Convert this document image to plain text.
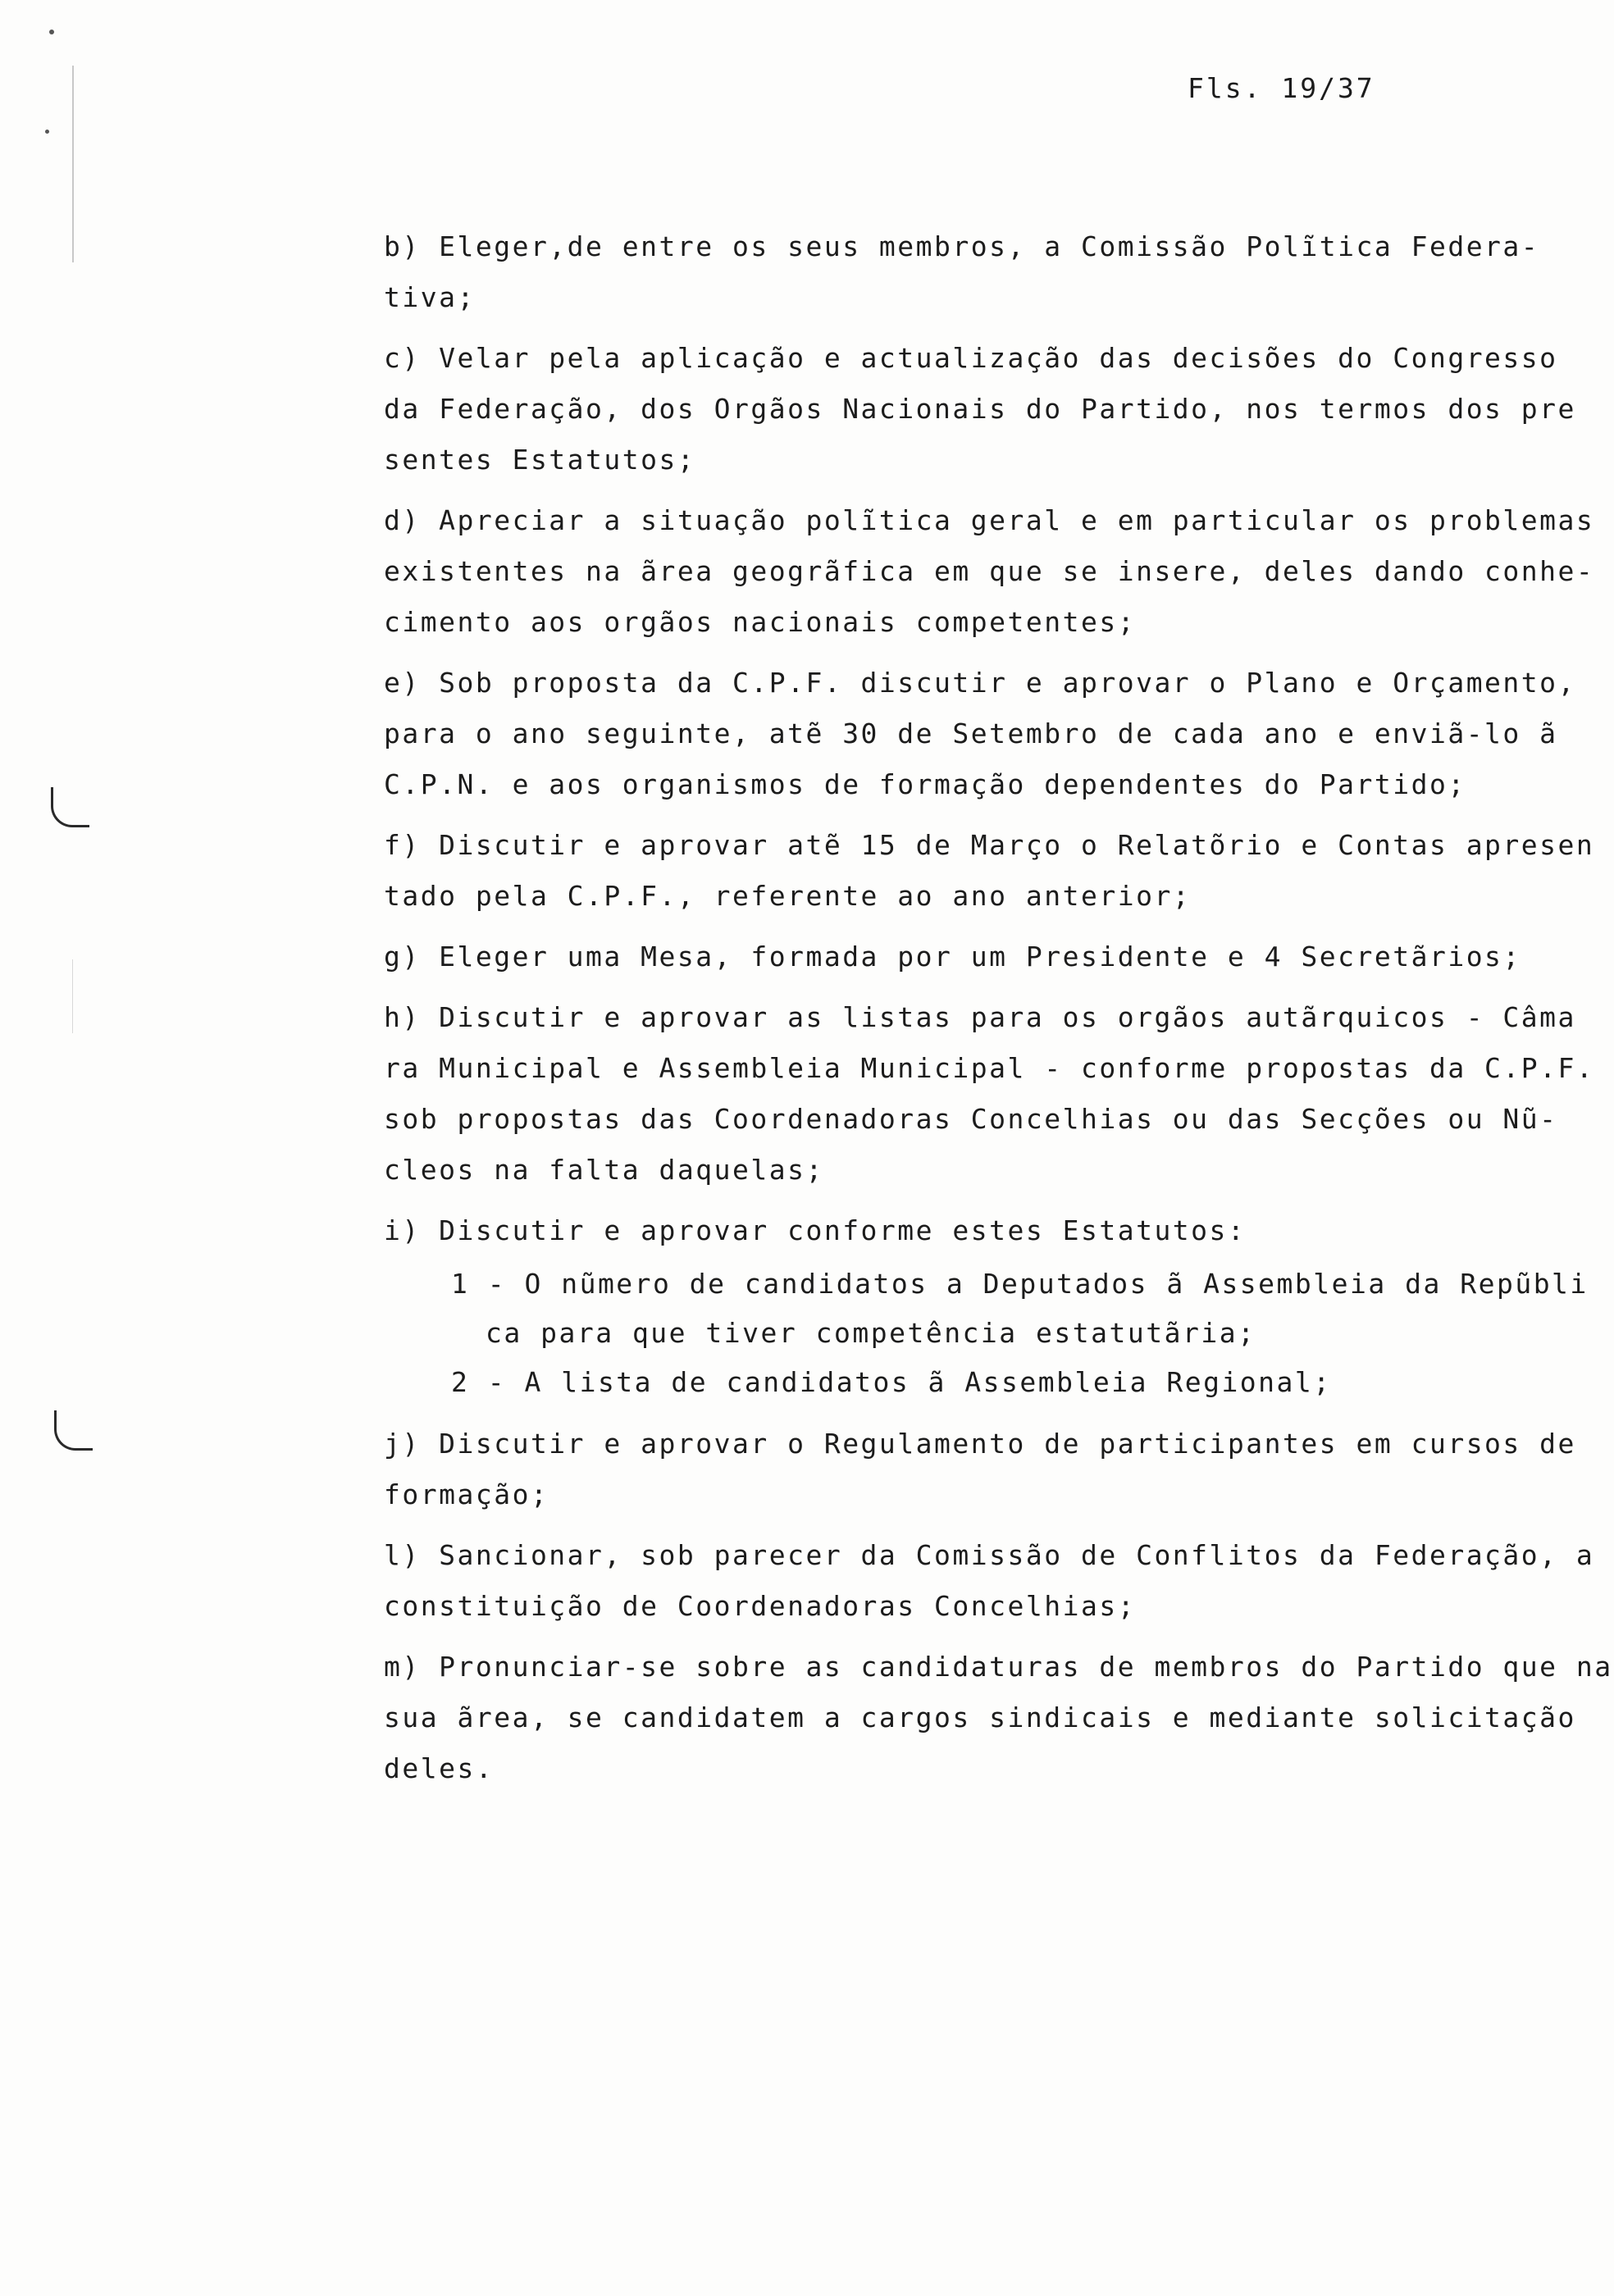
Fls. 19/37
b) Eleger,de entre os seus membros, a Comissão Polĩtica Federa-
tiva;
c) Velar pela aplicação e actualização das decisões do Congresso
da Federação, dos Orgãos Nacionais do Partido, nos termos dos pre
sentes Estatutos;
d) Apreciar a situação polĩtica geral e em particular os problemas
existentes na ãrea geogrãfica em que se insere, deles dando conhe-
cimento aos orgãos nacionais competentes;
e) Sob proposta da C.P.F. discutir e aprovar o Plano e Orçamento,
para o ano seguinte, atẽ 30 de Setembro de cada ano e enviã-lo ã
C.P.N. e aos organismos de formação dependentes do Partido;
f) Discutir e aprovar atẽ 15 de Março o Relatõrio e Contas apresen
tado pela C.P.F., referente ao ano anterior;
g) Eleger uma Mesa, formada por um Presidente e 4 Secretãrios;
h) Discutir e aprovar as listas para os orgãos autãrquicos - Câma
ra Municipal e Assembleia Municipal - conforme propostas da C.P.F.
sob propostas das Coordenadoras Concelhias ou das Secções ou Nũ-
cleos na falta daquelas;
i) Discutir e aprovar conforme estes Estatutos:
1 - O nũmero de candidatos a Deputados ã Assembleia da Repũbli
ca para que tiver competência estatutãria;
2 - A lista de candidatos ã Assembleia Regional;
j) Discutir e aprovar o Regulamento de participantes em cursos de
formação;
l) Sancionar, sob parecer da Comissão de Conflitos da Federação, a
constituição de Coordenadoras Concelhias;
m) Pronunciar-se sobre as candidaturas de membros do Partido que na
sua ãrea, se candidatem a cargos sindicais e mediante solicitação
deles.
